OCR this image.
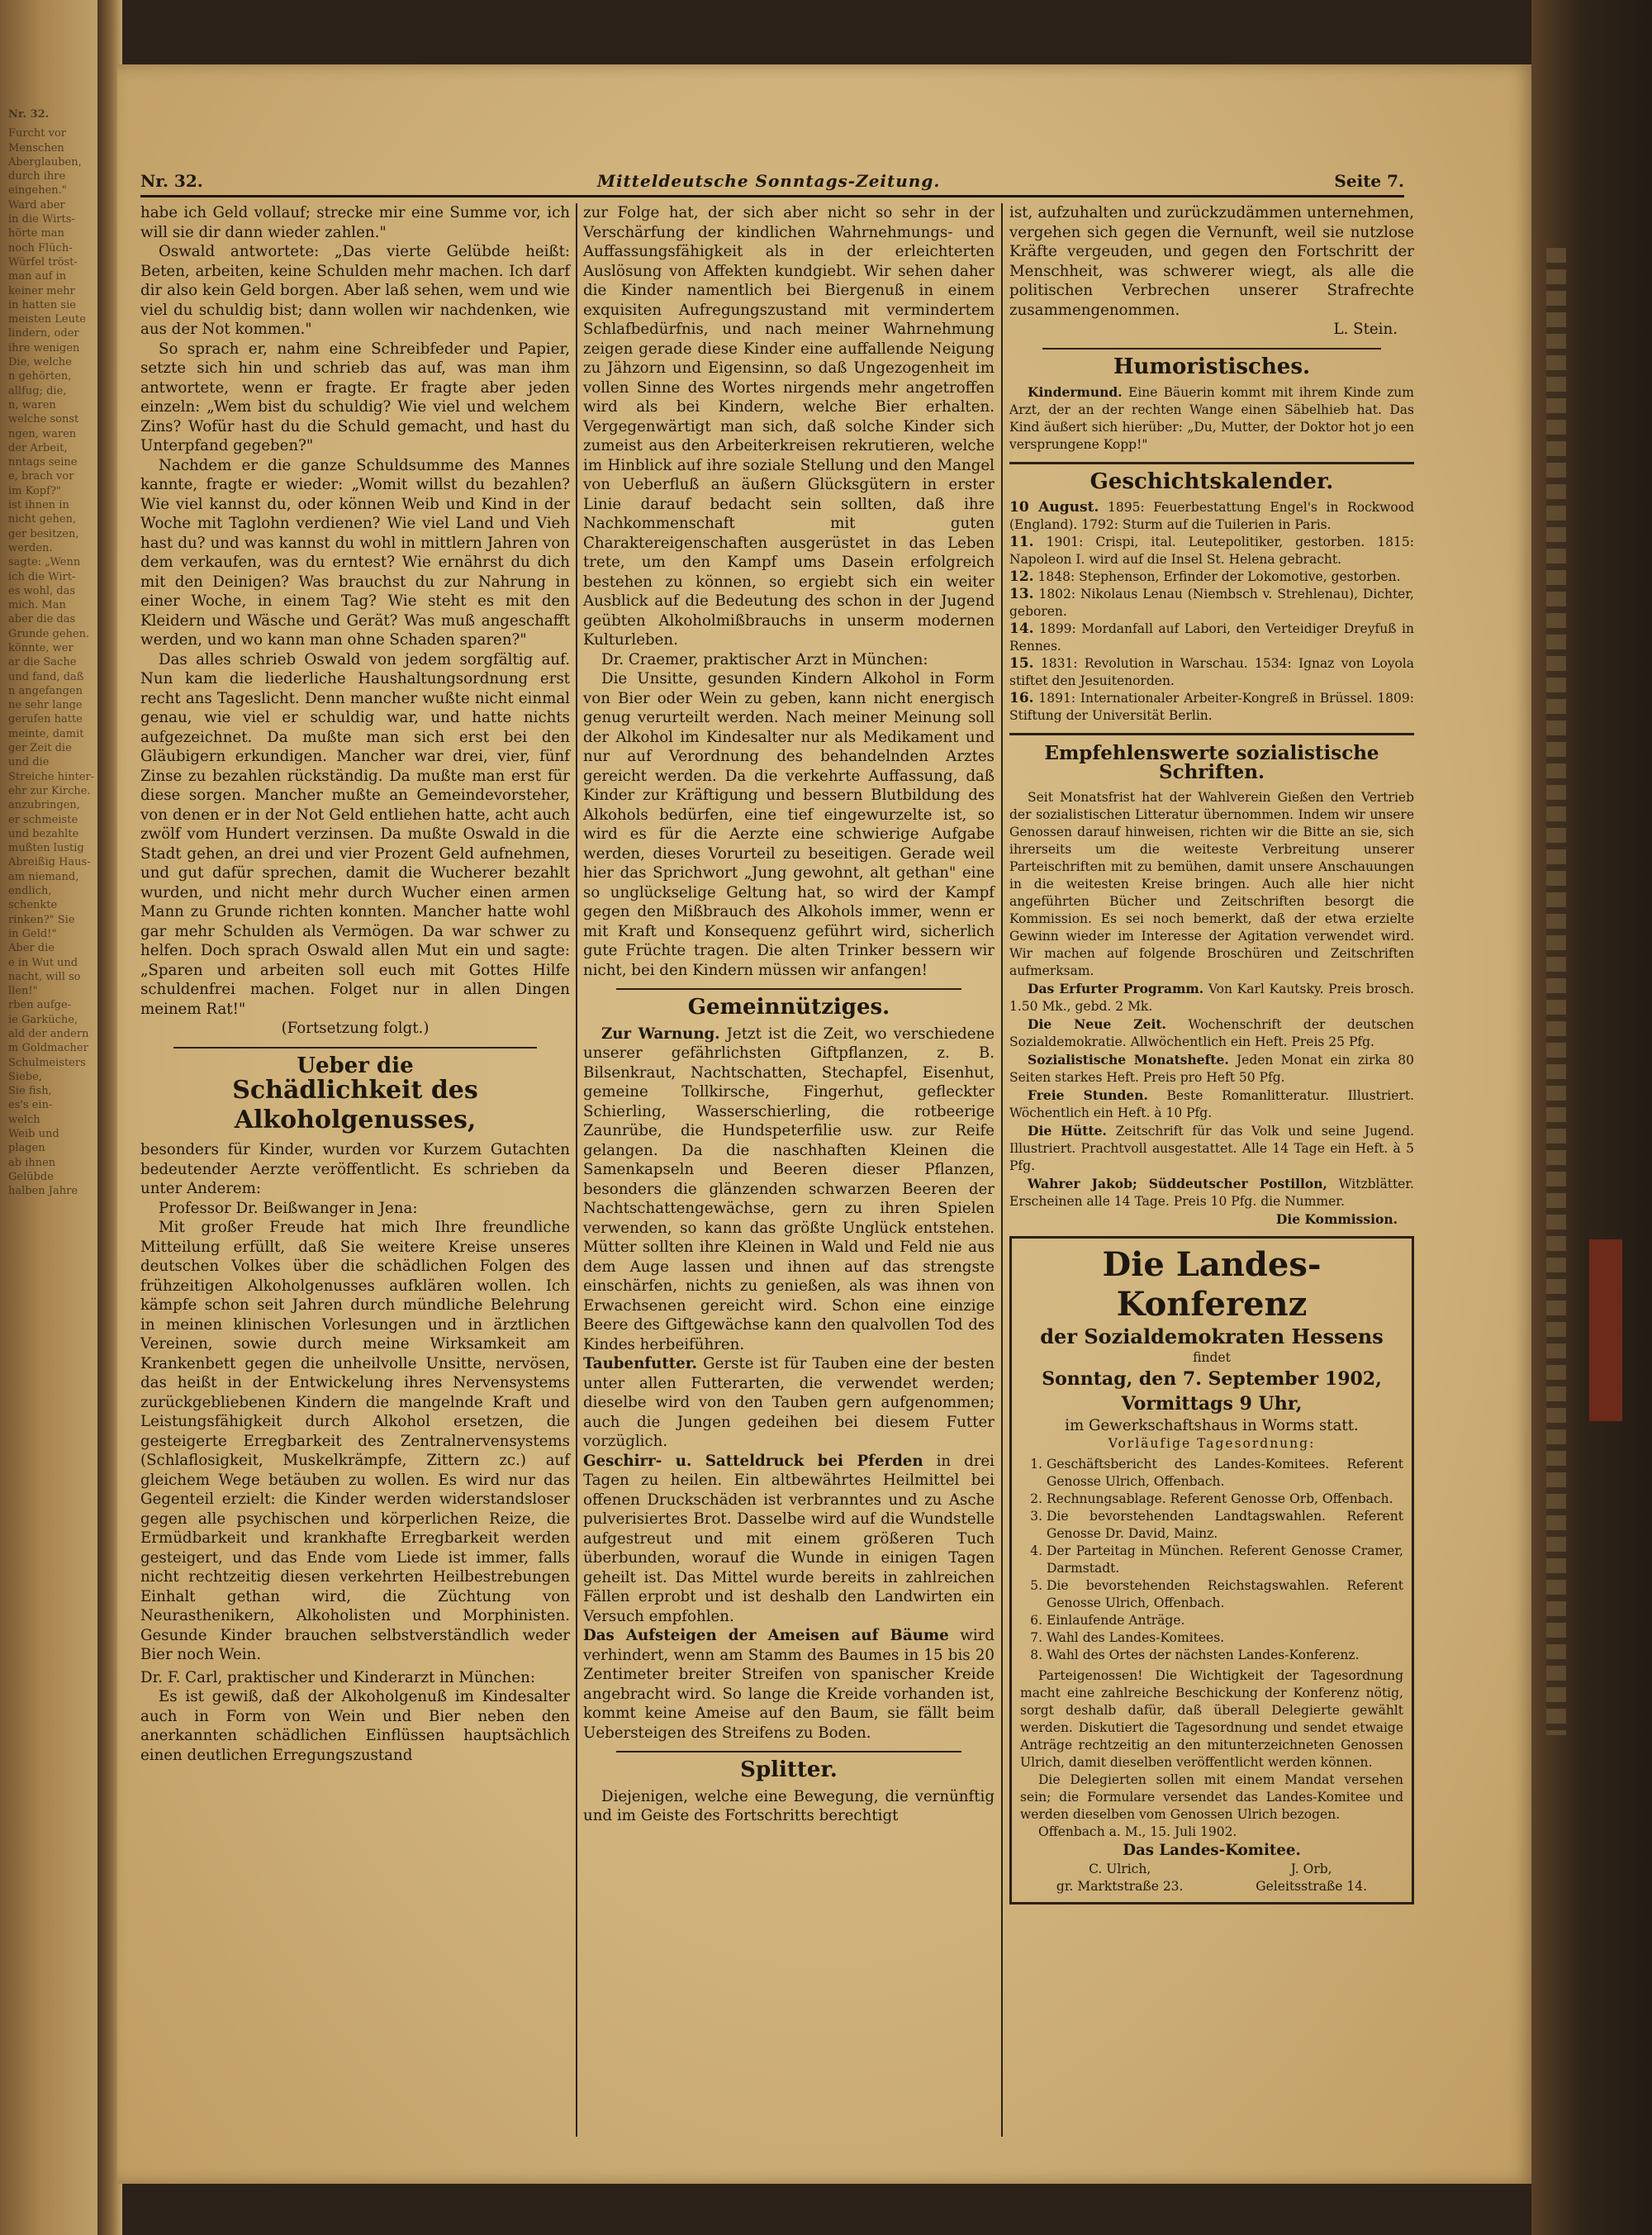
Nr. 32.

Furcht vor

Menschen

Aberglauben,

durch ihre

eingehen."

Ward aber

in die Wirts-

hörte man

noch Flüch-

Würfel tröst-

man auf in

keiner mehr

in hatten sie

meisten Leute

lindern, oder

ihre wenigen

Die, welche

n gehörten,

allfug; die,

n, waren

welche sonst

ngen, waren

der Arbeit,

nntags seine

e, brach vor

im Kopf?"

ist ihnen in

nicht gehen,

ger besitzen,

werden.

sagte: „Wenn

ich die Wirt-

es wohl, das

mich. Man

aber die das

Grunde gehen.

könnte, wer

ar die Sache

und fand, daß

n angefangen

ne sehr lange

gerufen hatte

meinte, damit

ger Zeit die

und die

Streiche hinter-

ehr zur Kirche.

anzubringen,

er schmeiste

und bezahlte

mußten lustig

Abreißig Haus-

am niemand,

endlich, schenkte

rinken?" Sie

in Geld!"

Aber die

e in Wut und

nacht, will so

llen!"

rben aufge-

ie Garküche,

ald der andern

m Goldmacher

Schulmeisters

Siebe,

Sie fish,

es's ein-

welch

Weib und

plagen

ab ihnen

Gelübde

halben Jahre

Nr. 32.	Mitteldeutsche Sonntags-Zeitung.	Seite 7.

habe ich Geld vollauf; strecke mir eine Summe vor, ich will sie dir dann wieder zahlen."

Oswald antwortete: „Das vierte Gelübde heißt: Beten, arbeiten, keine Schulden mehr machen. Ich darf dir also kein Geld borgen. Aber laß sehen, wem und wie viel du schuldig bist; dann wollen wir nachdenken, wie aus der Not kommen."

So sprach er, nahm eine Schreibfeder und Papier, setzte sich hin und schrieb das auf, was man ihm antwortete, wenn er fragte. Er fragte aber jeden einzeln: „Wem bist du schuldig? Wie viel und welchem Zins? Wofür hast du die Schuld gemacht, und hast du Unterpfand gegeben?"

Nachdem er die ganze Schuldsumme des Mannes kannte, fragte er wieder: „Womit willst du bezahlen? Wie viel kannst du, oder können Weib und Kind in der Woche mit Taglohn verdienen? Wie viel Land und Vieh hast du? und was kannst du wohl in mittlern Jahren von dem verkaufen, was du erntest? Wie ernährst du dich mit den Deinigen? Was brauchst du zur Nahrung in einer Woche, in einem Tag? Wie steht es mit den Kleidern und Wäsche und Gerät? Was muß angeschafft werden, und wo kann man ohne Schaden sparen?"

Das alles schrieb Oswald von jedem sorgfältig auf. Nun kam die liederliche Haushaltungsordnung erst recht ans Tageslicht. Denn mancher wußte nicht einmal genau, wie viel er schuldig war, und hatte nichts aufgezeichnet. Da mußte man sich erst bei den Gläubigern erkundigen. Mancher war drei, vier, fünf Zinse zu bezahlen rückständig. Da mußte man erst für diese sorgen. Mancher mußte an Gemeindevorsteher, von denen er in der Not Geld entliehen hatte, acht auch zwölf vom Hundert verzinsen. Da mußte Oswald in die Stadt gehen, an drei und vier Prozent Geld aufnehmen, und gut dafür sprechen, damit die Wucherer bezahlt wurden, und nicht mehr durch Wucher einen armen Mann zu Grunde richten konnten. Mancher hatte wohl gar mehr Schulden als Vermögen. Da war schwer zu helfen. Doch sprach Oswald allen Mut ein und sagte: „Sparen und arbeiten soll euch mit Gottes Hilfe schuldenfrei machen. Folget nur in allen Dingen meinem Rat!"

(Fortsetzung folgt.)

Ueber die
Schädlichkeit des Alkoholgenusses,

besonders für Kinder, wurden vor Kurzem Gutachten bedeutender Aerzte veröffentlicht. Es schrieben da unter Anderem:

Professor Dr. Beißwanger in Jena:

Mit großer Freude hat mich Ihre freundliche Mitteilung erfüllt, daß Sie weitere Kreise unseres deutschen Volkes über die schädlichen Folgen des frühzeitigen Alkoholgenusses aufklären wollen. Ich kämpfe schon seit Jahren durch mündliche Belehrung in meinen klinischen Vorlesungen und in ärztlichen Vereinen, sowie durch meine Wirksamkeit am Krankenbett gegen die unheilvolle Unsitte, nervösen, das heißt in der Entwickelung ihres Nervensystems zurückgebliebenen Kindern die mangelnde Kraft und Leistungsfähigkeit durch Alkohol ersetzen, die gesteigerte Erregbarkeit des Zentralnervensystems (Schlaflosigkeit, Muskelkrämpfe, Zittern zc.) auf gleichem Wege betäuben zu wollen. Es wird nur das Gegenteil erzielt: die Kinder werden widerstandsloser gegen alle psychischen und körperlichen Reize, die Ermüdbarkeit und krankhafte Erregbarkeit werden gesteigert, und das Ende vom Liede ist immer, falls nicht rechtzeitig diesen verkehrten Heilbestrebungen Einhalt gethan wird, die Züchtung von Neurasthenikern, Alkoholisten und Morphinisten. Gesunde Kinder brauchen selbstverständlich weder Bier noch Wein.

Dr. F. Carl, praktischer und Kinderarzt in München:

Es ist gewiß, daß der Alkoholgenuß im Kindesalter auch in Form von Wein und Bier neben den anerkannten schädlichen Einflüssen hauptsächlich einen deutlichen Erregungszustand

zur Folge hat, der sich aber nicht so sehr in der Verschärfung der kindlichen Wahrnehmungs- und Auffassungsfähigkeit als in der erleichterten Auslösung von Affekten kundgiebt. Wir sehen daher die Kinder namentlich bei Biergenuß in einem exquisiten Aufregungszustand mit vermindertem Schlafbedürfnis, und nach meiner Wahrnehmung zeigen gerade diese Kinder eine auffallende Neigung zu Jähzorn und Eigensinn, so daß Ungezogenheit im vollen Sinne des Wortes nirgends mehr angetroffen wird als bei Kindern, welche Bier erhalten. Vergegenwärtigt man sich, daß solche Kinder sich zumeist aus den Arbeiterkreisen rekrutieren, welche im Hinblick auf ihre soziale Stellung und den Mangel von Ueberfluß an äußern Glücksgütern in erster Linie darauf bedacht sein sollten, daß ihre Nachkommenschaft mit guten Charaktereigenschaften ausgerüstet in das Leben trete, um den Kampf ums Dasein erfolgreich bestehen zu können, so ergiebt sich ein weiter Ausblick auf die Bedeutung des schon in der Jugend geübten Alkoholmißbrauchs in unserm modernen Kulturleben.

Dr. Craemer, praktischer Arzt in München:

Die Unsitte, gesunden Kindern Alkohol in Form von Bier oder Wein zu geben, kann nicht energisch genug verurteilt werden. Nach meiner Meinung soll der Alkohol im Kindesalter nur als Medikament und nur auf Verordnung des behandelnden Arztes gereicht werden. Da die verkehrte Auffassung, daß Kinder zur Kräftigung und bessern Blutbildung des Alkohols bedürfen, eine tief eingewurzelte ist, so wird es für die Aerzte eine schwierige Aufgabe werden, dieses Vorurteil zu beseitigen. Gerade weil hier das Sprichwort „Jung gewohnt, alt gethan" eine so unglückselige Geltung hat, so wird der Kampf gegen den Mißbrauch des Alkohols immer, wenn er mit Kraft und Konsequenz geführt wird, sicherlich gute Früchte tragen. Die alten Trinker bessern wir nicht, bei den Kindern müssen wir anfangen!

Gemeinnütziges.

Zur Warnung. Jetzt ist die Zeit, wo verschiedene unserer gefährlichsten Giftpflanzen, z. B. Bilsenkraut, Nachtschatten, Stechapfel, Eisenhut, gemeine Tollkirsche, Fingerhut, gefleckter Schierling, Wasserschierling, die rotbeerige Zaunrübe, die Hundspeterfilie usw. zur Reife gelangen. Da die naschhaften Kleinen die Samenkapseln und Beeren dieser Pflanzen, besonders die glänzenden schwarzen Beeren der Nachtschattengewächse, gern zu ihren Spielen verwenden, so kann das größte Unglück entstehen. Mütter sollten ihre Kleinen in Wald und Feld nie aus dem Auge lassen und ihnen auf das strengste einschärfen, nichts zu genießen, als was ihnen von Erwachsenen gereicht wird. Schon eine einzige Beere des Giftgewächse kann den qualvollen Tod des Kindes herbeiführen.

Taubenfutter. Gerste ist für Tauben eine der besten unter allen Futterarten, die verwendet werden; dieselbe wird von den Tauben gern aufgenommen; auch die Jungen gedeihen bei diesem Futter vorzüglich.

Geschirr- u. Satteldruck bei Pferden in drei Tagen zu heilen. Ein altbewährtes Heilmittel bei offenen Druckschäden ist verbranntes und zu Asche pulverisiertes Brot. Dasselbe wird auf die Wundstelle aufgestreut und mit einem größeren Tuch überbunden, worauf die Wunde in einigen Tagen geheilt ist. Das Mittel wurde bereits in zahlreichen Fällen erprobt und ist deshalb den Landwirten ein Versuch empfohlen.

Das Aufsteigen der Ameisen auf Bäume wird verhindert, wenn am Stamm des Baumes in 15 bis 20 Zentimeter breiter Streifen von spanischer Kreide angebracht wird. So lange die Kreide vorhanden ist, kommt keine Ameise auf den Baum, sie fällt beim Uebersteigen des Streifens zu Boden.

Splitter.

Diejenigen, welche eine Bewegung, die vernünftig und im Geiste des Fortschritts berechtigt

ist, aufzuhalten und zurückzudämmen unternehmen, vergehen sich gegen die Vernunft, weil sie nutzlose Kräfte vergeuden, und gegen den Fortschritt der Menschheit, was schwerer wiegt, als alle die politischen Verbrechen unserer Strafrechte zusammengenommen.

L. Stein.

Humoristisches.

Kindermund. Eine Bäuerin kommt mit ihrem Kinde zum Arzt, der an der rechten Wange einen Säbelhieb hat. Das Kind äußert sich hierüber: „Du, Mutter, der Doktor hot jo een versprungene Kopp!"

Geschichtskalender.

10 August. 1895: Feuerbestattung Engel's in Rockwood (England). 1792: Sturm auf die Tuilerien in Paris.

11. 1901: Crispi, ital. Leutepolitiker, gestorben. 1815: Napoleon I. wird auf die Insel St. Helena gebracht.

12. 1848: Stephenson, Erfinder der Lokomotive, gestorben.

13. 1802: Nikolaus Lenau (Niembsch v. Strehlenau), Dichter, geboren.

14. 1899: Mordanfall auf Labori, den Verteidiger Dreyfuß in Rennes.

15. 1831: Revolution in Warschau. 1534: Ignaz von Loyola stiftet den Jesuitenorden.

16. 1891: Internationaler Arbeiter-Kongreß in Brüssel. 1809: Stiftung der Universität Berlin.

Empfehlenswerte sozialistische Schriften.

Seit Monatsfrist hat der Wahlverein Gießen den Vertrieb der sozialistischen Litteratur übernommen. Indem wir unsere Genossen darauf hinweisen, richten wir die Bitte an sie, sich ihrerseits um die weiteste Verbreitung unserer Parteischriften mit zu bemühen, damit unsere Anschauungen in die weitesten Kreise bringen. Auch alle hier nicht angeführten Bücher und Zeitschriften besorgt die Kommission. Es sei noch bemerkt, daß der etwa erzielte Gewinn wieder im Interesse der Agitation verwendet wird. Wir machen auf folgende Broschüren und Zeitschriften aufmerksam.

Das Erfurter Programm. Von Karl Kautsky. Preis brosch. 1.50 Mk., gebd. 2 Mk.

Die Neue Zeit. Wochenschrift der deutschen Sozialdemokratie. Allwöchentlich ein Heft. Preis 25 Pfg.

Sozialistische Monatshefte. Jeden Monat ein zirka 80 Seiten starkes Heft. Preis pro Heft 50 Pfg.

Freie Stunden. Beste Romanlitteratur. Illustriert. Wöchentlich ein Heft. à 10 Pfg.

Die Hütte. Zeitschrift für das Volk und seine Jugend. Illustriert. Prachtvoll ausgestattet. Alle 14 Tage ein Heft. à 5 Pfg.

Wahrer Jakob; Süddeutscher Postillon, Witzblätter. Erscheinen alle 14 Tage. Preis 10 Pfg. die Nummer.

Die Kommission.

Die Landes-Konferenz
der Sozialdemokraten Hessens

findet

Sonntag, den 7. September 1902,
Vormittags 9 Uhr,

im Gewerkschaftshaus in Worms statt.

Vorläufige Tagesordnung:

1. Geschäftsbericht des Landes-Komitees. Referent Genosse Ulrich, Offenbach.
2. Rechnungsablage. Referent Genosse Orb, Offenbach.
3. Die bevorstehenden Landtagswahlen. Referent Genosse Dr. David, Mainz.
4. Der Parteitag in München. Referent Genosse Cramer, Darmstadt.
5. Die bevorstehenden Reichstagswahlen. Referent Genosse Ulrich, Offenbach.
6. Einlaufende Anträge.
7. Wahl des Landes-Komitees.
8. Wahl des Ortes der nächsten Landes-Konferenz.

Parteigenossen! Die Wichtigkeit der Tagesordnung macht eine zahlreiche Beschickung der Konferenz nötig, sorgt deshalb dafür, daß überall Delegierte gewählt werden. Diskutiert die Tagesordnung und sendet etwaige Anträge rechtzeitig an den mitunterzeichneten Genossen Ulrich, damit dieselben veröffentlicht werden können.

Die Delegierten sollen mit einem Mandat versehen sein; die Formulare versendet das Landes-Komitee und werden dieselben vom Genossen Ulrich bezogen.

Offenbach a. M., 15. Juli 1902.

Das Landes-Komitee.

C. Ulrich,
gr. Marktstraße 23.
J. Orb,
Geleitsstraße 14.
